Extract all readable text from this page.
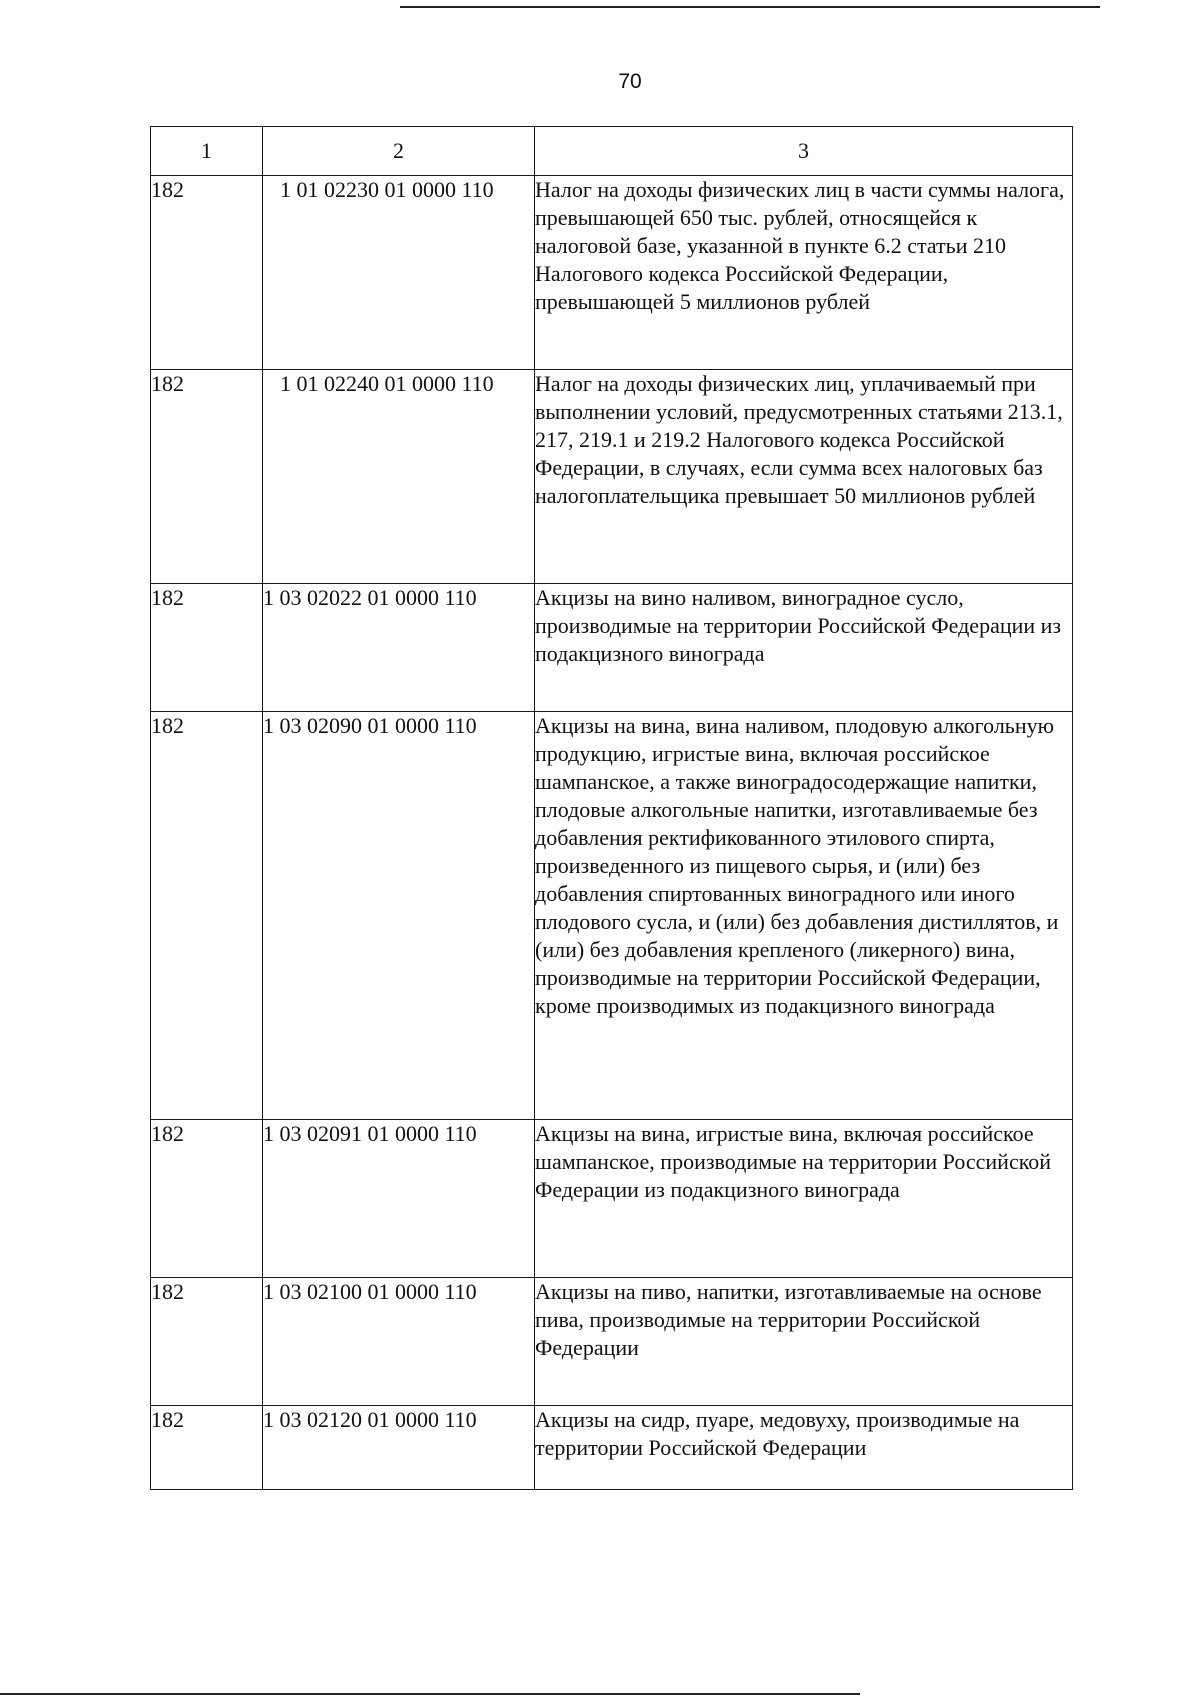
70
1	2	3
182	1 01 02230 01 0000 110	Налог на доходы физических лиц в части суммы налога, превышающей 650 тыс. рублей, относящейся к налоговой базе, указанной в пункте 6.2 статьи 210 Налогового кодекса Российской Федерации, превышающей 5 миллионов рублей
182	1 01 02240 01 0000 110	Налог на доходы физических лиц, уплачиваемый при выполнении условий, предусмотренных статьями 213.1, 217, 219.1 и 219.2 Налогового кодекса Российской Федерации, в случаях, если сумма всех налоговых баз налогоплательщика превышает 50 миллионов рублей
182	1 03 02022 01 0000 110	Акцизы на вино наливом, виноградное сусло, производимые на территории Российской Федерации из подакцизного винограда
182	1 03 02090 01 0000 110	Акцизы на вина, вина наливом, плодовую алкогольную продукцию, игристые вина, включая российское шампанское, а также виноградосодержащие напитки, плодовые алкогольные напитки, изготавливаемые без добавления ректификованного этилового спирта, произведенного из пищевого сырья, и (или) без добавления спиртованных виноградного или иного плодового сусла, и (или) без добавления дистиллятов, и (или) без добавления крепленого (ликерного) вина, производимые на территории Российской Федерации, кроме производимых из подакцизного винограда
182	1 03 02091 01 0000 110	Акцизы на вина, игристые вина, включая российское шампанское, производимые на территории Российской Федерации из подакцизного винограда
182	1 03 02100 01 0000 110	Акцизы на пиво, напитки, изготавливаемые на основе пива, производимые на территории Российской Федерации
182	1 03 02120 01 0000 110	Акцизы на сидр, пуаре, медовуху, производимые на территории Российской Федерации
